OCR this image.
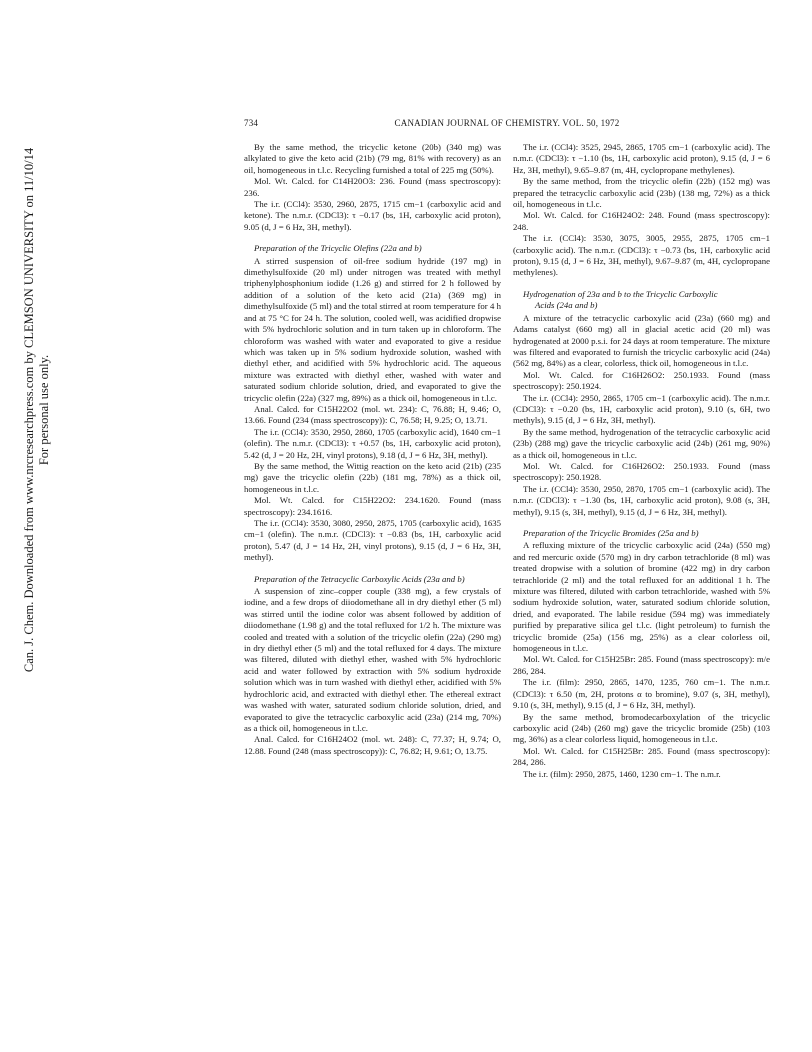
Can. J. Chem. Downloaded from www.nrcresearchpress.com by CLEMSON UNIVERSITY on 11/10/14 For personal use only.
CANADIAN JOURNAL OF CHEMISTRY. VOL. 50, 1972
734

By the same method, the tricyclic ketone (20b) (340 mg) was alkylated to give the keto acid (21b) (79 mg, 81% with recovery) as an oil, homogeneous in t.l.c. Recycling furnished a total of 225 mg (50%).

Mol. Wt. Calcd. for C14H20O3: 236. Found (mass spectroscopy): 236.

The i.r. (CCl4): 3530, 2960, 2875, 1715 cm−1 (carboxylic acid and ketone). The n.m.r. (CDCl3): τ −0.17 (bs, 1H, carboxylic acid proton), 9.05 (d, J = 6 Hz, 3H, methyl).

Preparation of the Tricyclic Olefins (22a and b)

A stirred suspension of oil-free sodium hydride (197 mg) in dimethylsulfoxide (20 ml) under nitrogen was treated with methyl triphenylphosphonium iodide (1.26 g) and stirred for 2 h followed by addition of a solution of the keto acid (21a) (369 mg) in dimethylsulfoxide (5 ml) and the total stirred at room temperature for 4 h and at 75 °C for 24 h. The solution, cooled well, was acidified dropwise with 5% hydrochloric solution and in turn taken up in chloroform. The chloroform was washed with water and evaporated to give a residue which was taken up in 5% sodium hydroxide solution, washed with diethyl ether, and acidified with 5% hydrochloric acid. The aqueous mixture was extracted with diethyl ether, washed with water and saturated sodium chloride solution, dried, and evaporated to give the tricyclic olefin (22a) (327 mg, 89%) as a thick oil, homogeneous in t.l.c.

Anal. Calcd. for C15H22O2 (mol. wt. 234): C, 76.88; H, 9.46; O, 13.66. Found (234 (mass spectroscopy)): C, 76.58; H, 9.25; O, 13.71.

The i.r. (CCl4): 3530, 2950, 2860, 1705 (carboxylic acid), 1640 cm−1 (olefin). The n.m.r. (CDCl3): τ +0.57 (bs, 1H, carboxylic acid proton), 5.42 (d, J = 20 Hz, 2H, vinyl protons), 9.18 (d, J = 6 Hz, 3H, methyl).

By the same method, the Wittig reaction on the keto acid (21b) (235 mg) gave the tricyclic olefin (22b) (181 mg, 78%) as a thick oil, homogeneous in t.l.c.

Mol. Wt. Calcd. for C15H22O2: 234.1620. Found (mass spectroscopy): 234.1616.

The i.r. (CCl4): 3530, 3080, 2950, 2875, 1705 (carboxylic acid), 1635 cm−1 (olefin). The n.m.r. (CDCl3): τ −0.83 (bs, 1H, carboxylic acid proton), 5.47 (d, J = 14 Hz, 2H, vinyl protons), 9.15 (d, J = 6 Hz, 3H, methyl).

Preparation of the Tetracyclic Carboxylic Acids (23a and b)

A suspension of zinc–copper couple (338 mg), a few crystals of iodine, and a few drops of diiodomethane all in dry diethyl ether (5 ml) was stirred until the iodine color was absent followed by addition of diiodomethane (1.98 g) and the total refluxed for 1/2 h. The mixture was cooled and treated with a solution of the tricyclic olefin (22a) (290 mg) in dry diethyl ether (5 ml) and the total refluxed for 4 days. The mixture was filtered, diluted with diethyl ether, washed with 5% hydrochloric acid and water followed by extraction with 5% sodium hydroxide solution which was in turn washed with diethyl ether, acidified with 5% hydrochloric acid, and extracted with diethyl ether. The ethereal extract was washed with water, saturated sodium chloride solution, dried, and evaporated to give the tetracyclic carboxylic acid (23a) (214 mg, 70%) as a thick oil, homogeneous in t.l.c.

Anal. Calcd. for C16H24O2 (mol. wt. 248): C, 77.37; H, 9.74; O, 12.88. Found (248 (mass spectroscopy)): C, 76.82; H, 9.61; O, 13.75.

The i.r. (CCl4): 3525, 2945, 2865, 1705 cm−1 (carboxylic acid). The n.m.r. (CDCl3): τ −1.10 (bs, 1H, carboxylic acid proton), 9.15 (d, J = 6 Hz, 3H, methyl), 9.65–9.87 (m, 4H, cyclopropane methylenes).

By the same method, from the tricyclic olefin (22b) (152 mg) was prepared the tetracyclic carboxylic acid (23b) (138 mg, 72%) as a thick oil, homogeneous in t.l.c.

Mol. Wt. Calcd. for C16H24O2: 248. Found (mass spectroscopy): 248.

The i.r. (CCl4): 3530, 3075, 3005, 2955, 2875, 1705 cm−1 (carboxylic acid). The n.m.r. (CDCl3): τ −0.73 (bs, 1H, carboxylic acid proton), 9.15 (d, J = 6 Hz, 3H, methyl), 9.67–9.87 (m, 4H, cyclopropane methylenes).

Hydrogenation of 23a and b to the Tricyclic Carboxylic
Acids (24a and b)

A mixture of the tetracyclic carboxylic acid (23a) (660 mg) and Adams catalyst (660 mg) all in glacial acetic acid (20 ml) was hydrogenated at 2000 p.s.i. for 24 days at room temperature. The mixture was filtered and evaporated to furnish the tricyclic carboxylic acid (24a) (562 mg, 84%) as a clear, colorless, thick oil, homogeneous in t.l.c.

Mol. Wt. Calcd. for C16H26O2: 250.1933. Found (mass spectroscopy): 250.1924.

The i.r. (CCl4): 2950, 2865, 1705 cm−1 (carboxylic acid). The n.m.r. (CDCl3): τ −0.20 (bs, 1H, carboxylic acid proton), 9.10 (s, 6H, two methyls), 9.15 (d, J = 6 Hz, 3H, methyl).

By the same method, hydrogenation of the tetracyclic carboxylic acid (23b) (288 mg) gave the tricyclic carboxylic acid (24b) (261 mg, 90%) as a thick oil, homogeneous in t.l.c.

Mol. Wt. Calcd. for C16H26O2: 250.1933. Found (mass spectroscopy): 250.1928.

The i.r. (CCl4): 3530, 2950, 2870, 1705 cm−1 (carboxylic acid). The n.m.r. (CDCl3): τ −1.30 (bs, 1H, carboxylic acid proton), 9.08 (s, 3H, methyl), 9.15 (s, 3H, methyl), 9.15 (d, J = 6 Hz, 3H, methyl).

Preparation of the Tricyclic Bromides (25a and b)

A refluxing mixture of the tricyclic carboxylic acid (24a) (550 mg) and red mercuric oxide (570 mg) in dry carbon tetrachloride (8 ml) was treated dropwise with a solution of bromine (422 mg) in dry carbon tetrachloride (2 ml) and the total refluxed for an additional 1 h. The mixture was filtered, diluted with carbon tetrachloride, washed with 5% sodium hydroxide solution, water, saturated sodium chloride solution, dried, and evaporated. The labile residue (594 mg) was immediately purified by preparative silica gel t.l.c. (light petroleum) to furnish the tricyclic bromide (25a) (156 mg, 25%) as a clear colorless oil, homogeneous in t.l.c.

Mol. Wt. Calcd. for C15H25Br: 285. Found (mass spectroscopy): m/e 286, 284.

The i.r. (film): 2950, 2865, 1470, 1235, 760 cm−1. The n.m.r. (CDCl3): τ 6.50 (m, 2H, protons α to bromine), 9.07 (s, 3H, methyl), 9.10 (s, 3H, methyl), 9.15 (d, J = 6 Hz, 3H, methyl).

By the same method, bromodecarboxylation of the tricyclic carboxylic acid (24b) (260 mg) gave the tricyclic bromide (25b) (103 mg, 36%) as a clear colorless liquid, homogeneous in t.l.c.

Mol. Wt. Calcd. for C15H25Br: 285. Found (mass spectroscopy): 284, 286.

The i.r. (film): 2950, 2875, 1460, 1230 cm−1. The n.m.r.
